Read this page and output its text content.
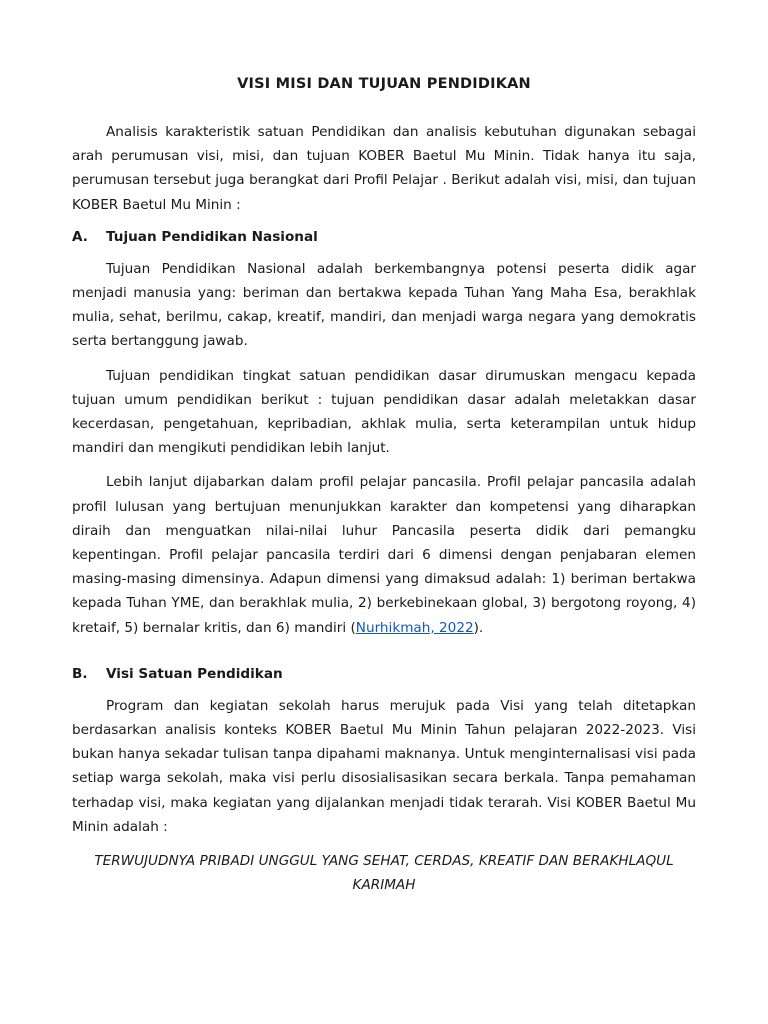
VISI MISI DAN TUJUAN PENDIDIKAN

Analisis karakteristik satuan Pendidikan dan analisis kebutuhan digunakan sebagai arah perumusan visi, misi, dan tujuan KOBER Baetul Mu Minin. Tidak hanya itu saja, perumusan tersebut juga berangkat dari Profil Pelajar . Berikut adalah visi, misi, dan tujuan KOBER Baetul Mu Minin :

A.	Tujuan Pendidikan Nasional

Tujuan Pendidikan Nasional adalah berkembangnya potensi peserta didik agar menjadi manusia yang: beriman dan bertakwa kepada Tuhan Yang Maha Esa, berakhlak mulia, sehat, berilmu, cakap, kreatif, mandiri, dan menjadi warga negara yang demokratis serta bertanggung jawab.

Tujuan pendidikan tingkat satuan pendidikan dasar dirumuskan mengacu kepada tujuan umum pendidikan berikut : tujuan pendidikan dasar adalah meletakkan dasar kecerdasan, pengetahuan, kepribadian, akhlak mulia, serta keterampilan untuk hidup mandiri dan mengikuti pendidikan lebih lanjut.

Lebih lanjut dijabarkan dalam profil pelajar pancasila. Profil pelajar pancasila adalah profil lulusan yang bertujuan menunjukkan karakter dan kompetensi yang diharapkan diraih dan menguatkan nilai-nilai luhur Pancasila peserta didik dari pemangku kepentingan. Profil pelajar pancasila terdiri dari 6 dimensi dengan penjabaran elemen masing-masing dimensinya. Adapun dimensi yang dimaksud adalah: 1) beriman bertakwa kepada Tuhan YME, dan berakhlak mulia, 2) berkebinekaan global, 3) bergotong royong, 4) kretaif, 5) bernalar kritis, dan 6) mandiri (Nurhikmah, 2022).

B.	Visi Satuan Pendidikan

Program dan kegiatan sekolah harus merujuk pada Visi yang telah ditetapkan berdasarkan analisis konteks KOBER Baetul Mu Minin Tahun pelajaran 2022-2023. Visi bukan hanya sekadar tulisan tanpa dipahami maknanya. Untuk menginternalisasi visi pada setiap warga sekolah, maka visi perlu disosialisasikan secara berkala. Tanpa pemahaman terhadap visi, maka kegiatan yang dijalankan menjadi tidak terarah. Visi KOBER Baetul Mu Minin adalah :

TERWUJUDNYA PRIBADI UNGGUL YANG SEHAT, CERDAS, KREATIF DAN BERAKHLAQUL KARIMAH
